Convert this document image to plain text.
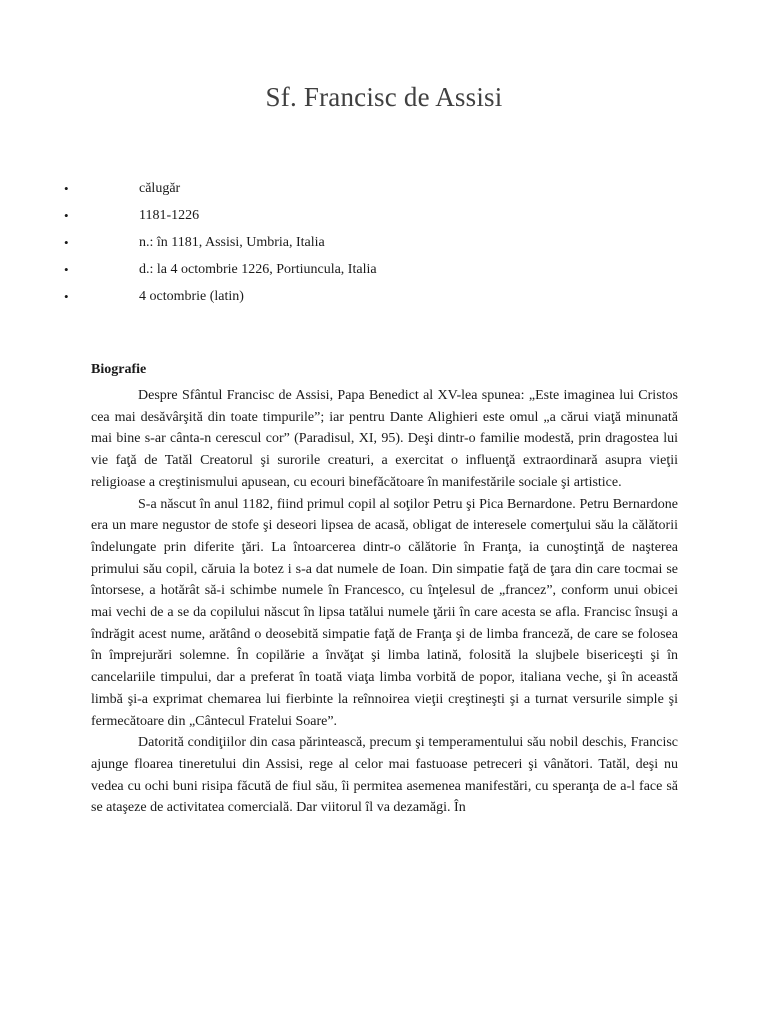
Sf. Francisc de Assisi
•	călugăr
•	1181-1226
•	n.: în 1181, Assisi, Umbria, Italia
•	d.: la 4 octombrie 1226, Portiuncula, Italia
•	4 octombrie (latin)
Biografie

Despre Sfântul Francisc de Assisi, Papa Benedict al XV-lea spunea: „Este imaginea lui Cristos cea mai desăvârşită din toate timpurile”; iar pentru Dante Alighieri este omul „a cărui viaţă minunată mai bine s-ar cânta-n cerescul cor” (Paradisul, XI, 95). Deşi dintr-o familie modestă, prin dragostea lui vie faţă de Tatăl Creatorul şi surorile creaturi, a exercitat o influenţă extraordinară asupra vieţii religioase a creştinismului apusean, cu ecouri binefăcătoare în manifestările sociale şi artistice.

S-a născut în anul 1182, fiind primul copil al soţilor Petru şi Pica Bernardone. Petru Bernardone era un mare negustor de stofe şi deseori lipsea de acasă, obligat de interesele comerţului său la călătorii îndelungate prin diferite ţări. La întoarcerea dintr-o călătorie în Franţa, ia cunoştinţă de naşterea primului său copil, căruia la botez i s-a dat numele de Ioan. Din simpatie faţă de ţara din care tocmai se întorsese, a hotărât să-i schimbe numele în Francesco, cu înţelesul de „francez”, conform unui obicei mai vechi de a se da copilului născut în lipsa tatălui numele ţării în care acesta se afla. Francisc însuşi a îndrăgit acest nume, arătând o deosebită simpatie faţă de Franţa şi de limba franceză, de care se folosea în împrejurări solemne. În copilărie a învăţat şi limba latină, folosită la slujbele bisericeşti şi în cancelariile timpului, dar a preferat în toată viaţa limba vorbită de popor, italiana veche, şi în această limbă şi-a exprimat chemarea lui fierbinte la reînnoirea vieţii creştineşti şi a turnat versurile simple şi fermecătoare din „Cântecul Fratelui Soare”.

Datorită condiţiilor din casa părintească, precum şi temperamentului său nobil deschis, Francisc ajunge floarea tineretului din Assisi, rege al celor mai fastuoase petreceri şi vânători. Tatăl, deşi nu vedea cu ochi buni risipa făcută de fiul său, îi permitea asemenea manifestări, cu speranţa de a-l face să se ataşeze de activitatea comercială. Dar viitorul îl va dezamăgi. În
